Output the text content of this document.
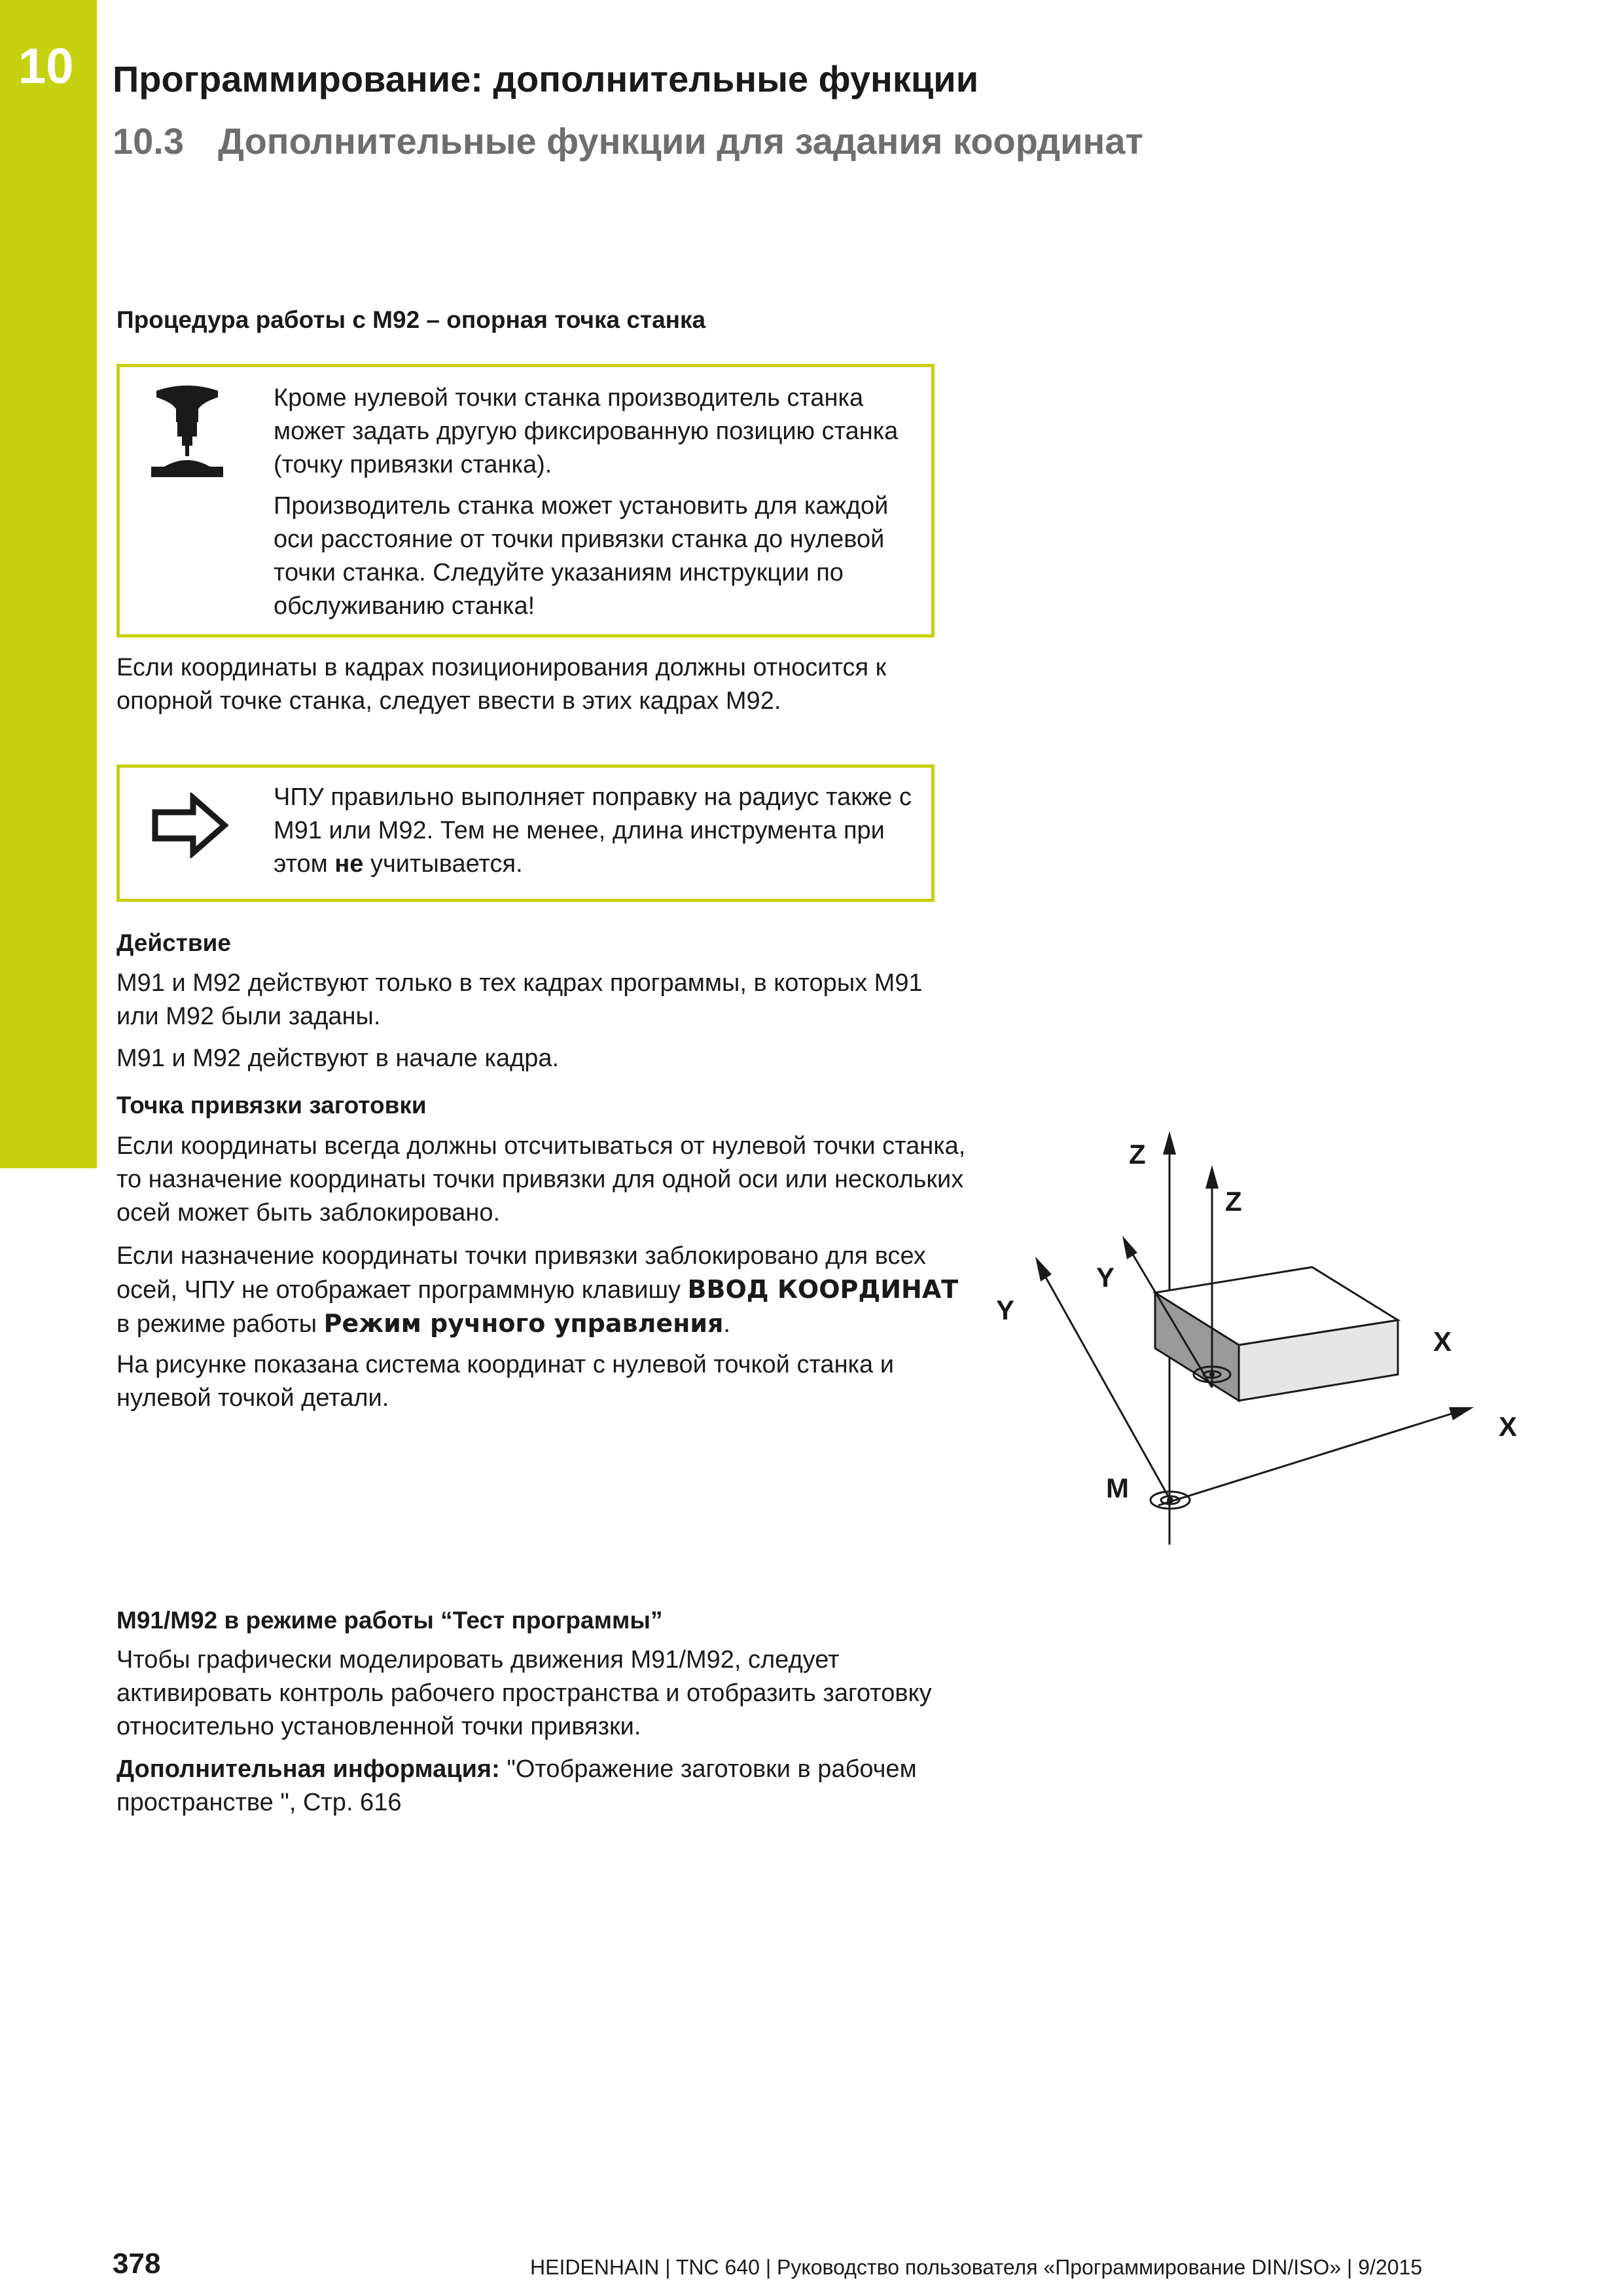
10 Программирование: дополнительные функции
10.3 Дополнительные функции для задания координат
Процедура работы с M92 – опорная точка станка

Кроме нулевой точки станка производитель станка может задать другую фиксированную позицию станка (точку привязки станка).

Производитель станка может установить для каждой оси расстояние от точки привязки станка до нулевой точки станка. Следуйте указаниям инструкции по обслуживанию станка!

Если координаты в кадрах позиционирования должны относится к опорной точке станка, следует ввести в этих кадрах M92.

ЧПУ правильно выполняет поправку на радиус также с M91 или M92. Тем не менее, длина инструмента при этом не учитывается.

Действие
M91 и M92 действуют только в тех кадрах программы, в которых M91 или M92 были заданы.
M91 и M92 действуют в начале кадра.
Точка привязки заготовки
Если координаты всегда должны отсчитываться от нулевой точки станка, то назначение координаты точки привязки для одной оси или нескольких осей может быть заблокировано.
Если назначение координаты точки привязки заблокировано для всех осей, ЧПУ не отображает программную клавишу ВВОД КООРДИНАТ в режиме работы Режим ручного управления.
На рисунке показана система координат с нулевой точкой станка и нулевой точкой детали.
Z
Z
Y
Y
X
X
M
M91/M92 в режиме работы “Тест программы”
Чтобы графически моделировать движения M91/M92, следует активировать контроль рабочего пространства и отобразить заготовку относительно установленной точки привязки.
Дополнительная информация: "Отображение заготовки в рабочем пространстве ", Стр. 616
378	HEIDENHAIN | TNC 640 | Руководство пользователя «Программирование DIN/ISO» | 9/2015
